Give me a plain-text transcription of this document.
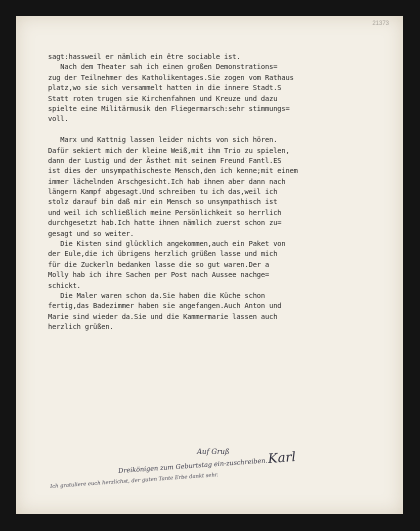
21373
sagt:hassweil er nämlich ein être sociable ist.
Nach dem Theater sah ich einen großen Demonstrations=
zug der Teilnehmer des Katholikentages.Sie zogen vom Rathaus
platz,wo sie sich versammelt hatten in die innere Stadt.S
Statt roten trugen sie Kirchenfahnen und Kreuze und dazu
spielte eine Militärmusik den Fliegermarsch:sehr stimmungs=
voll.
Marx und Kattnig lassen leider nichts von sich hören.
Dafür sekiert mich der kleine Weiß,mit ihm Trio zu spielen,
dann der Lustig und der Ästhet mit seinem Freund Fantl.ES
ist dies der unsympathischeste Mensch,den ich kenne;mit einem
immer lächelnden Arschgesicht.Ich hab ihnen aber dann nach
längern Kampf abgesagt.Und schreiben tu ich das,weil ich
stolz darauf bin daß mir ein Mensch so unsympathisch ist
und weil ich schließlich meine Persönlichkeit so herrlich
durchgesetzt hab.Ich hatte ihnen nämlich zuerst schon zu=
gesagt und so weiter.
Die Kisten sind glücklich angekommen,auch ein Paket von
der Eule,die ich übrigens herzlich grüßen lasse und mich
für die Zuckerln bedanken lasse die so gut waren.Der a
Molly hab ich ihre Sachen per Post nach Aussee nachge=
schickt.
Die Maler waren schon da.Sie haben die Küche schon
fertig,das Badezimmer haben sie angefangen.Auch Anton und
Marie sind wieder da.Sie und die Kammermarie lassen auch
herzlich grüßen.
Auf Gruß	Karl
Dreikönigen zum Geburtstag ein-zuschreiben.
Ich gratuliere euch herzlichst, der guten Tante Erbe dankt sehr.
